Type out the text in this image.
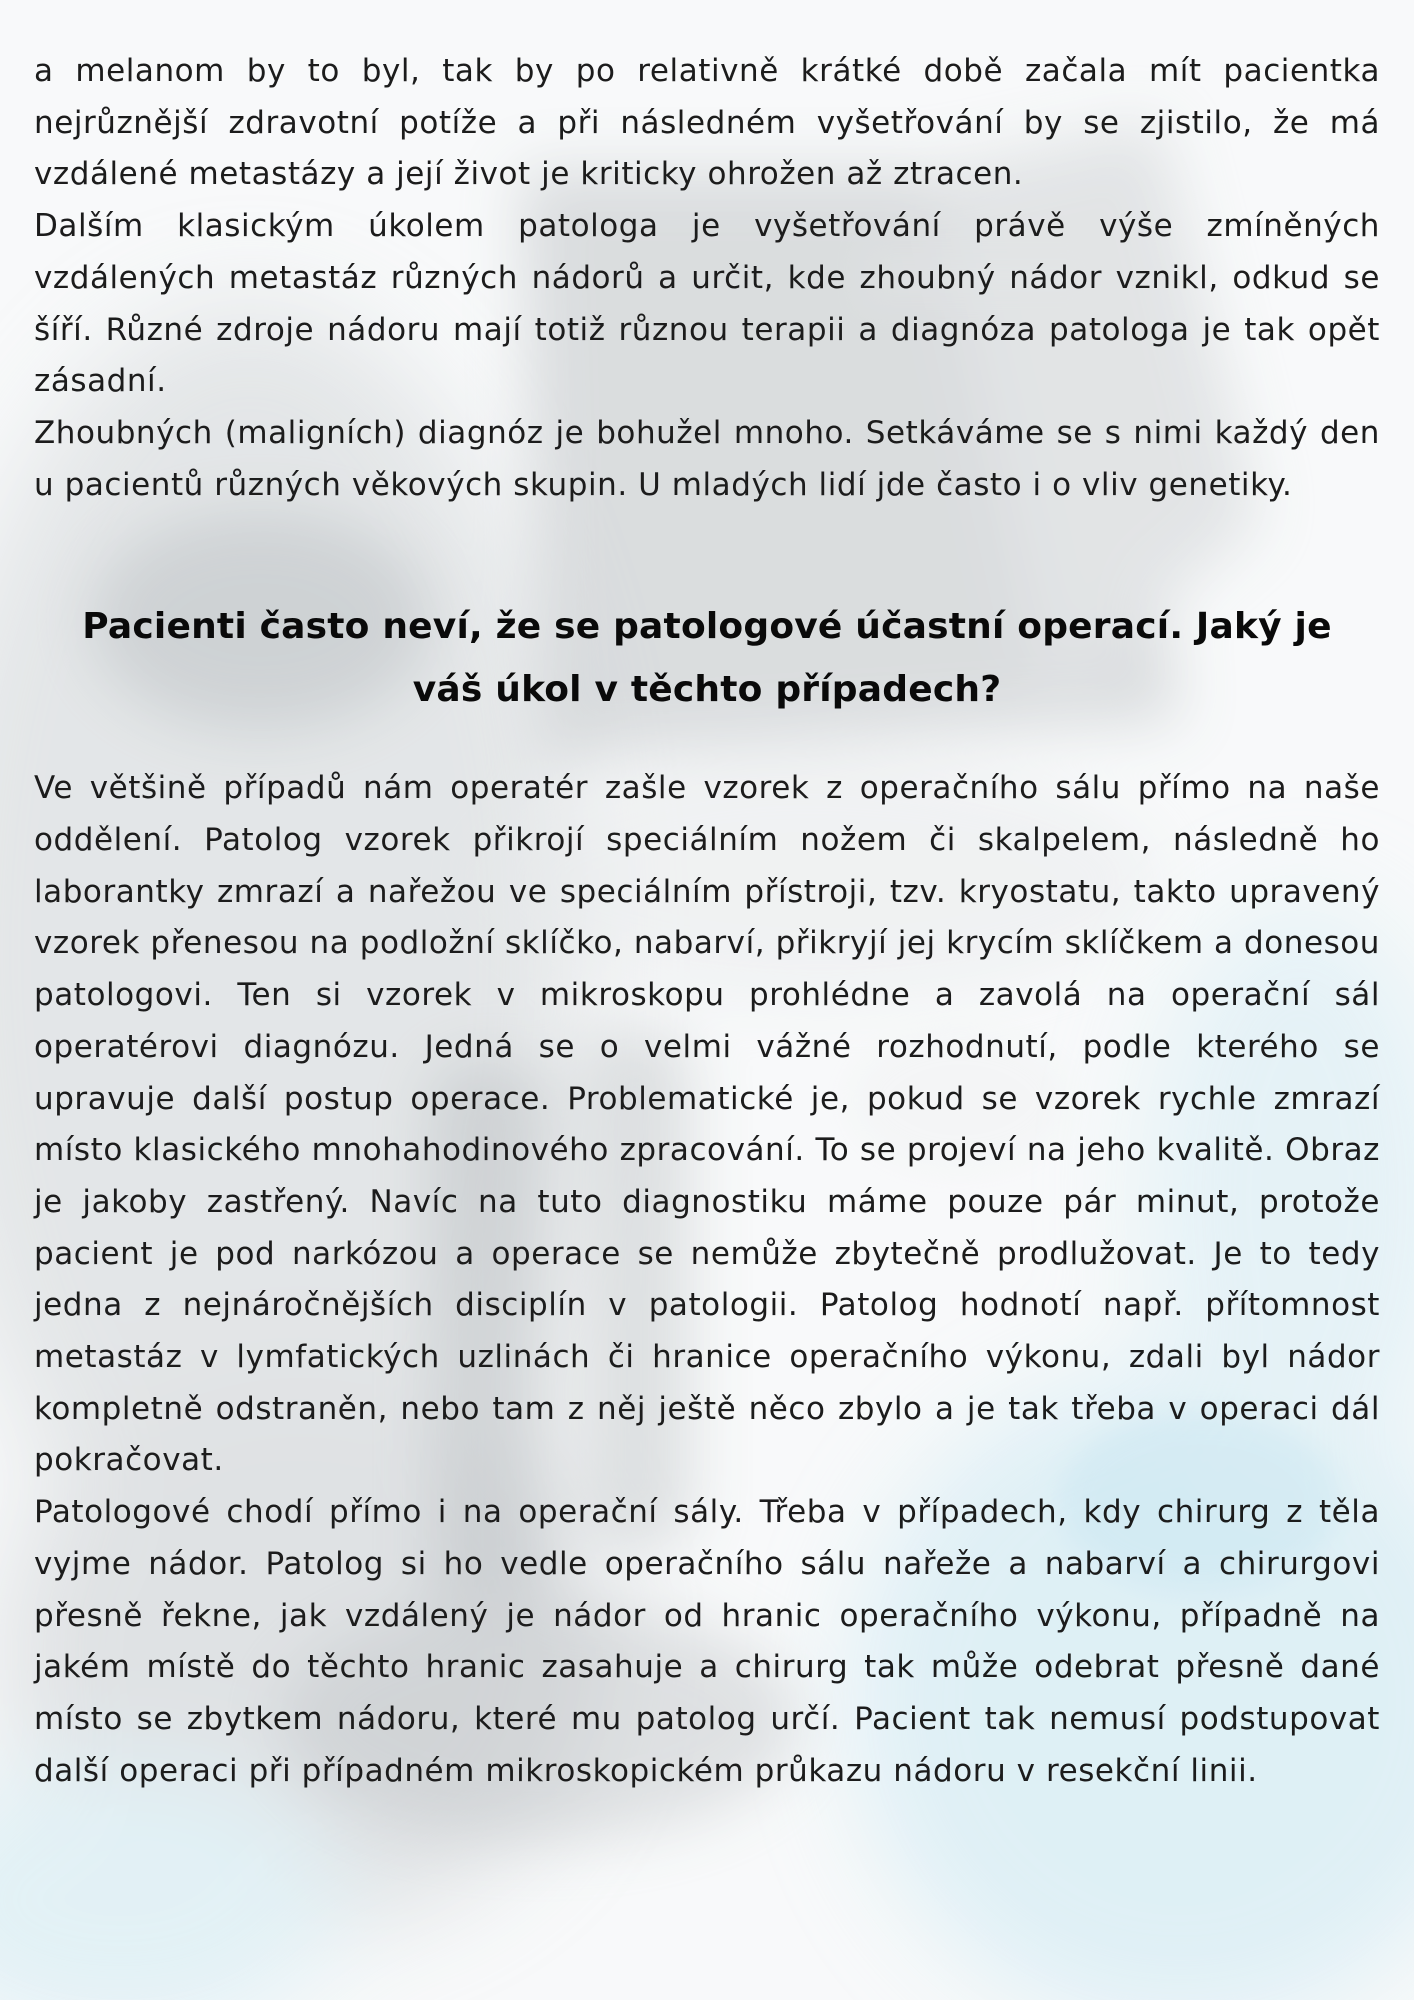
a melanom by to byl, tak by po relativně krátké době začala mít pacientka nejrůznější zdravotní potíže a při následném vyšetřování by se zjistilo, že má vzdálené metastázy a její život je kriticky ohrožen až ztracen.

Dalším klasickým úkolem patologa je vyšetřování právě výše zmíněných vzdálených metastáz různých nádorů a určit, kde zhoubný nádor vznikl, odkud se šíří. Různé zdroje nádoru mají totiž různou terapii a diagnóza patologa je tak opět zásadní.

Zhoubných (maligních) diagnóz je bohužel mnoho. Setkáváme se s nimi každý den u pacientů různých věkových skupin. U mladých lidí jde často i o vliv genetiky.

Pacienti často neví, že se patologové účastní operací. Jaký je váš úkol v těchto případech?

Ve většině případů nám operatér zašle vzorek z operačního sálu přímo na naše oddělení. Patolog vzorek přikrojí speciálním nožem či skalpelem, následně ho laborantky zmrazí a nařežou ve speciálním přístroji, tzv. kryostatu, takto upravený vzorek přenesou na podložní sklíčko, nabarví, přikryjí jej krycím sklíčkem a donesou patologovi. Ten si vzorek v mikroskopu prohlédne a zavolá na operační sál operatérovi diagnózu. Jedná se o velmi vážné rozhodnutí, podle kterého se upravuje další postup operace. Problematické je, pokud se vzorek rychle zmrazí místo klasického mnohahodinového zpracování. To se projeví na jeho kvalitě. Obraz je jakoby zastřený. Navíc na tuto diagnostiku máme pouze pár minut, protože pacient je pod narkózou a operace se nemůže zbytečně prodlužovat. Je to tedy jedna z nejnáročnějších disciplín v patologii. Patolog hodnotí např. přítomnost metastáz v lymfatických uzlinách či hranice operačního výkonu, zdali byl nádor kompletně odstraněn, nebo tam z něj ještě něco zbylo a je tak třeba v operaci dál pokračovat.

Patologové chodí přímo i na operační sály. Třeba v případech, kdy chirurg z těla vyjme nádor. Patolog si ho vedle operačního sálu nařeže a nabarví a chirurgovi přesně řekne, jak vzdálený je nádor od hranic operačního výkonu, případně na jakém místě do těchto hranic zasahuje a chirurg tak může odebrat přesně dané místo se zbytkem nádoru, které mu patolog určí. Pacient tak nemusí podstupovat další operaci při případném mikroskopickém průkazu nádoru v resekční linii.
